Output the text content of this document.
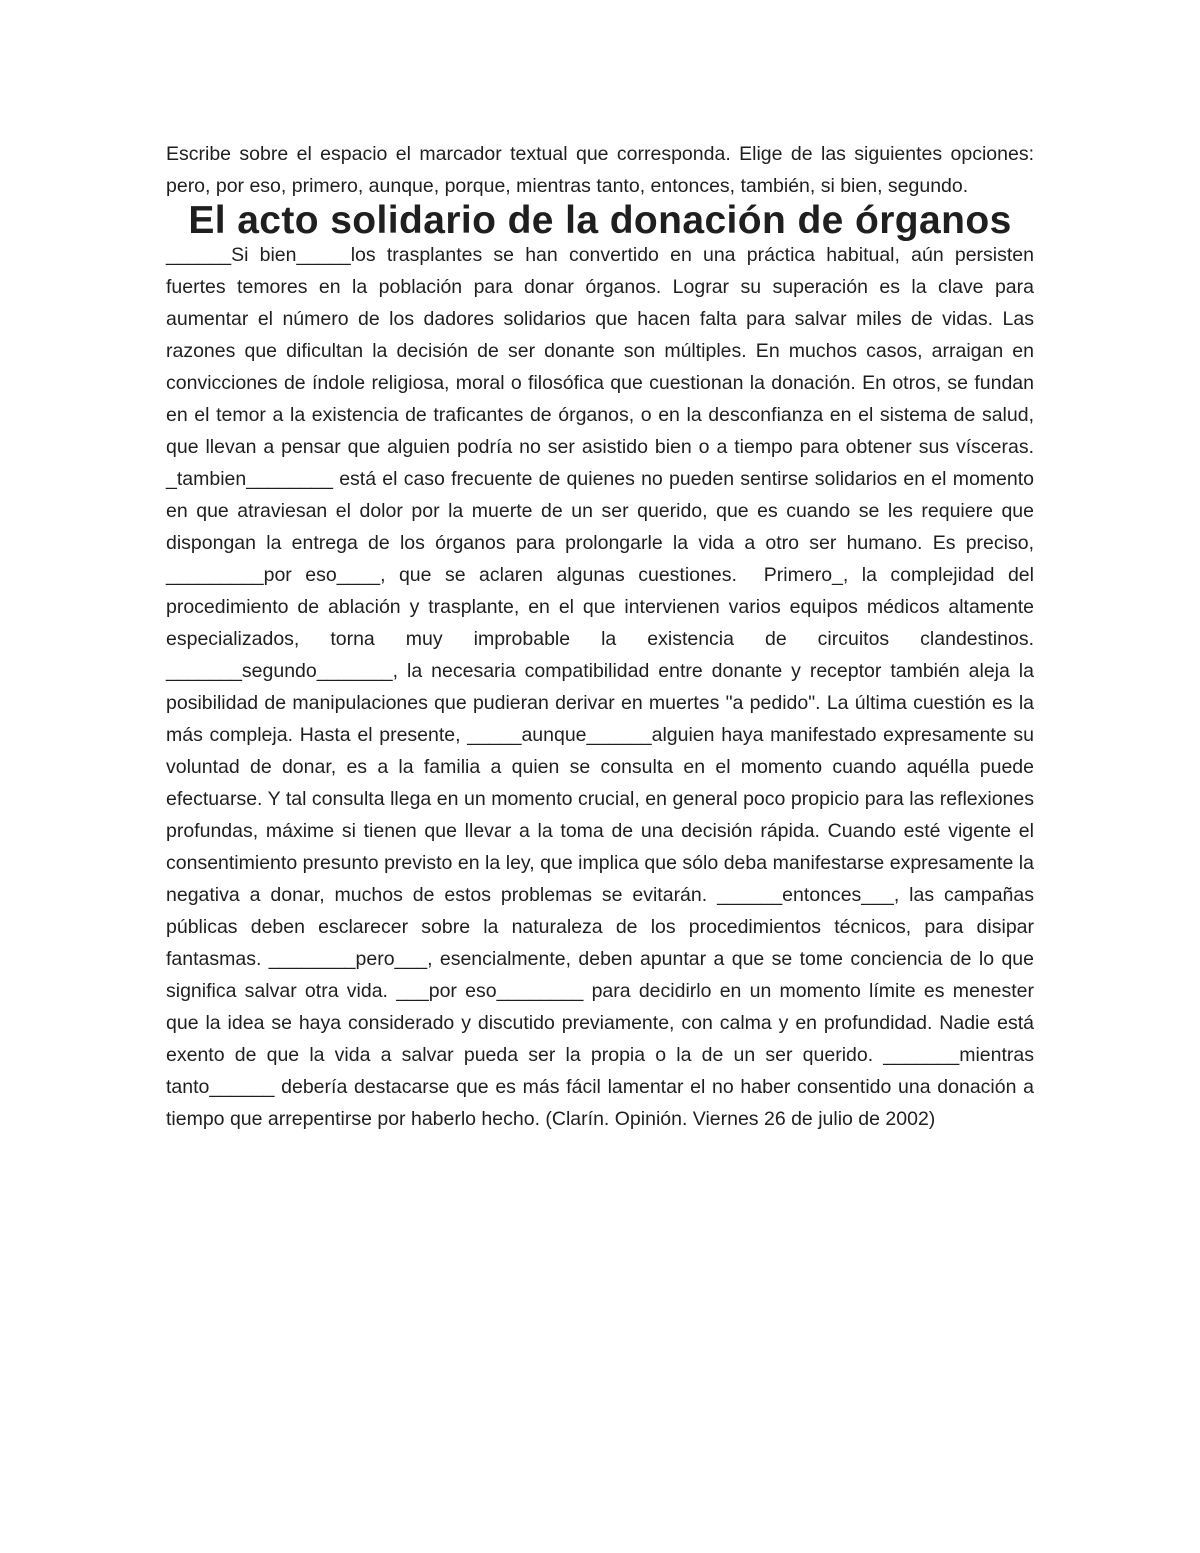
Escribe sobre el espacio el marcador textual que corresponda. Elige de las siguientes opciones: pero, por eso, primero, aunque, porque, mientras tanto, entonces, también, si bien, segundo.

El acto solidario de la donación de órganos

______Si bien_____los trasplantes se han convertido en una práctica habitual, aún persisten fuertes temores en la población para donar órganos. Lograr su superación es la clave para aumentar el número de los dadores solidarios que hacen falta para salvar miles de vidas. Las razones que dificultan la decisión de ser donante son múltiples. En muchos casos, arraigan en convicciones de índole religiosa, moral o filosófica que cuestionan la donación. En otros, se fundan en el temor a la existencia de traficantes de órganos, o en la desconfianza en el sistema de salud, que llevan a pensar que alguien podría no ser asistido bien o a tiempo para obtener sus vísceras. _tambien________ está el caso frecuente de quienes no pueden sentirse solidarios en el momento en que atraviesan el dolor por la muerte de un ser querido, que es cuando se les requiere que dispongan la entrega de los órganos para prolongarle la vida a otro ser humano. Es preciso, _________por eso____, que se aclaren algunas cuestiones.  Primero_, la complejidad del procedimiento de ablación y trasplante, en el que intervienen varios equipos médicos altamente especializados, torna muy improbable la existencia de circuitos clandestinos. _______segundo_______, la necesaria compatibilidad entre donante y receptor también aleja la posibilidad de manipulaciones que pudieran derivar en muertes "a pedido". La última cuestión es la más compleja. Hasta el presente, _____aunque______alguien haya manifestado expresamente su voluntad de donar, es a la familia a quien se consulta en el momento cuando aquélla puede efectuarse. Y tal consulta llega en un momento crucial, en general poco propicio para las reflexiones profundas, máxime si tienen que llevar a la toma de una decisión rápida. Cuando esté vigente el consentimiento presunto previsto en la ley, que implica que sólo deba manifestarse expresamente la negativa a donar, muchos de estos problemas se evitarán. ______entonces___, las campañas públicas deben esclarecer sobre la naturaleza de los procedimientos técnicos, para disipar fantasmas. ________pero___, esencialmente, deben apuntar a que se tome conciencia de lo que significa salvar otra vida. ___por eso________ para decidirlo en un momento límite es menester que la idea se haya considerado y discutido previamente, con calma y en profundidad. Nadie está exento de que la vida a salvar pueda ser la propia o la de un ser querido. _______mientras tanto______ debería destacarse que es más fácil lamentar el no haber consentido una donación a tiempo que arrepentirse por haberlo hecho. (Clarín. Opinión. Viernes 26 de julio de 2002)
